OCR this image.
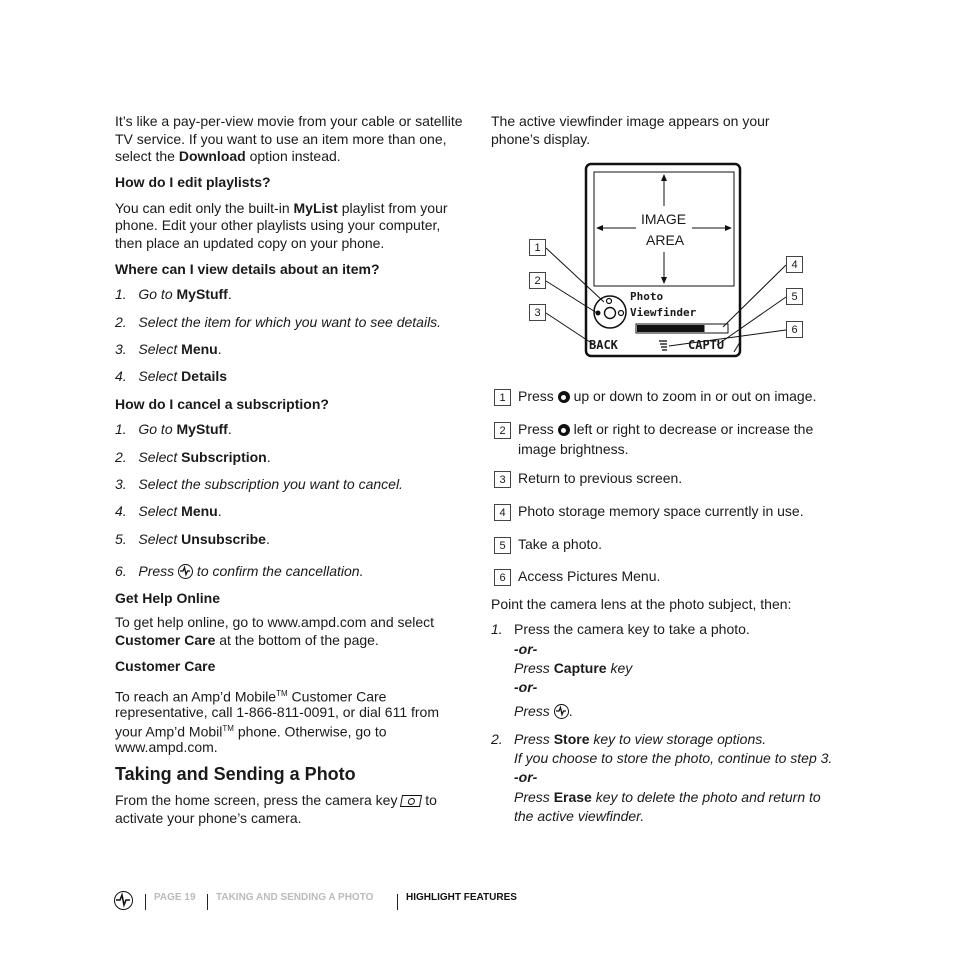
It’s like a pay-per-view movie from your cable or satellite
TV service. If you want to use an item more than one,
select the Download option instead.
How do I edit playlists?
You can edit only the built-in MyList playlist from your
phone. Edit your other playlists using your computer,
then place an updated copy on your phone.
Where can I view details about an item?
1. Go to MyStuff.
2. Select the item for which you want to see details.
3. Select Menu.
4. Select Details
How do I cancel a subscription?
1. Go to MyStuff.
2. Select Subscription.
3. Select the subscription you want to cancel.
4. Select Menu.
5. Select Unsubscribe.
6. Press
to confirm the cancellation.
Get Help Online
To get help online, go to www.ampd.com and select
Customer Care at the bottom of the page.
Customer Care
To reach an Amp’d Mobile™ Customer Care
representative, call 1-866-811-0091, or dial 611 from
your Amp’d Mobil™ phone. Otherwise, go to
www.ampd.com.
Taking and Sending a Photo
From the home screen, press the camera key  to
activate your phone’s camera.
The active viewfinder image appears on your
phone’s display.
IMAGE
AREA
Photo
Viewfinder
BACK	CAPTU
1
2
3
4
5
6
1 Press  up or down to zoom in or out on image.
2 Press  left or right to decrease or increase the
image brightness.
3 Return to previous screen.
4 Photo storage memory space currently in use.
5 Take a photo.
6 Access Pictures Menu.
Point the camera lens at the photo subject, then:
1. Press the camera key to take a photo.
-or-
Press Capture key
-or-
Press
.
2. Press Store key to view storage options.
If you choose to store the photo, continue to step 3.
-or-
Press Erase key to delete the photo and return to
the active viewfinder.
PAGE 19 TAKING AND SENDING A PHOTO	HIGHLIGHT FEATURES
